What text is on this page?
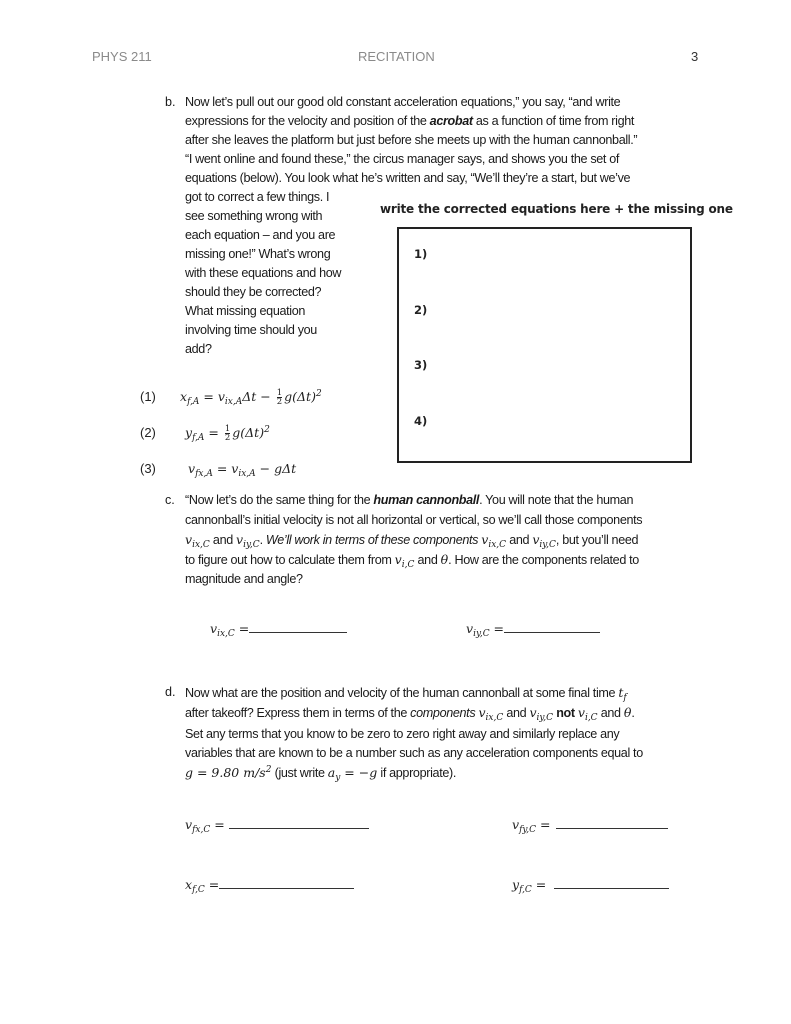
PHYS 211	RECITATION	3
b. Now let’s pull out our good old constant acceleration equations,” you say, “and write
expressions for the velocity and position of the acrobat as a function of time from right
after she leaves the platform but just before she meets up with the human cannonball.”
“I went online and found these,” the circus manager says, and shows you the set of
equations (below). You look what he’s written and say, “We’ll they’re a start, but we’ve
got to correct a few things. I
see something wrong with
each equation – and you are
missing one!” What’s wrong
with these equations and how
should they be corrected?
What missing equation
involving time should you
add?
write the corrected equations here + the missing one
1)
2)
3)
4)
(1) $x_{f,A} = v_{ix,A}\Delta t - \frac{1}{2} g(\Delta t)^2$
(2) $y_{f,A} = \frac{1}{2} g(\Delta t)^2$
(3)	$v_{fx,A} = v_{ix,A} - g\Delta t$
c. “Now let’s do the same thing for the human cannonball. You will note that the human
cannonball’s initial velocity is not all horizontal or vertical, so we’ll call those components
$v_{ix,C}$ and $v_{iy,C}$. We’ll work in terms of these components $v_{ix,C}$ and $v_{iy,C}$, but you’ll need
to figure out how to calculate them from $v_{i,C}$ and θ. How are the components related to
magnitude and angle?
$v_{ix,C}$ =	$v_{iy,C}$ =
d. Now what are the position and velocity of the human cannonball at some final time $t_f$
after takeoff? Express them in terms of the components $v_{ix,C}$ and $v_{iy,C}$ not $v_{i,C}$ and θ.
Set any terms that you know to be zero to zero right away and similarly replace any
variables that are known to be a number such as any acceleration components equal to
g = 9.80 $m/s^2$ (just write $a_y = -g$ if appropriate).
$v_{fx,C}$ =	$v_{fy,C}$ =
$x_{f,C}$ =	$y_{f,C}$ =
